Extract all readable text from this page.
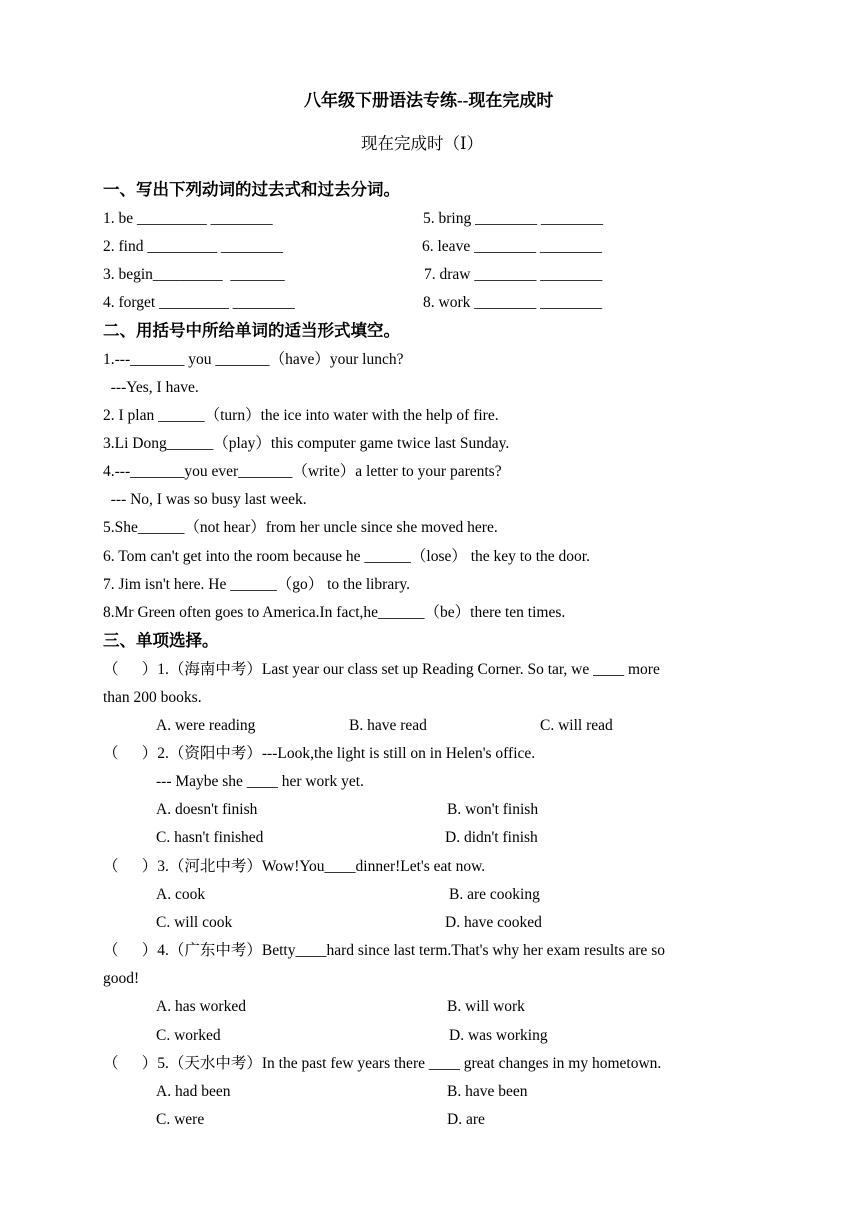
八年级下册语法专练--现在完成时
现在完成时（Ⅰ）
一、写出下列动词的过去式和过去分词。
1. be _________ ________	5. bring ________ ________
2. find _________ ________	6. leave ________ ________
3. begin_________  _______	7. draw ________ ________
4. forget _________ ________	8. work ________ ________
二、用括号中所给单词的适当形式填空。
1.---_______ you _______（have）your lunch?
---Yes, I have.
2. I plan ______（turn）the ice into water with the help of fire.
3.Li Dong______（play）this computer game twice last Sunday.
4.---_______you ever_______（write）a letter to your parents?
--- No, I was so busy last week.
5.She______（not hear）from her uncle since she moved here.
6. Tom can't get into the room because he ______（lose） the key to the door.
7. Jim isn't here. He ______（go） to the library.
8.Mr Green often goes to America.In fact,he______（be）there ten times.
三、单项选择。
（      ）1.（海南中考）Last year our class set up Reading Corner. So tar, we ____ more
than 200 books.
A. were reading	B. have read	C. will read
（      ）2.（资阳中考）---Look,the light is still on in Helen's office.
--- Maybe she ____ her work yet.
A. doesn't finish	B. won't finish
C. hasn't finished	D. didn't finish
（      ）3.（河北中考）Wow!You____dinner!Let's eat now.
A. cook	B. are cooking
C. will cook	D. have cooked
（      ）4.（广东中考）Betty____hard since last term.That's why her exam results are so
good!
A. has worked	B. will work
C. worked	D. was working
（      ）5.（天水中考）In the past few years there ____ great changes in my hometown.
A. had been	B. have been
C. were	D. are
